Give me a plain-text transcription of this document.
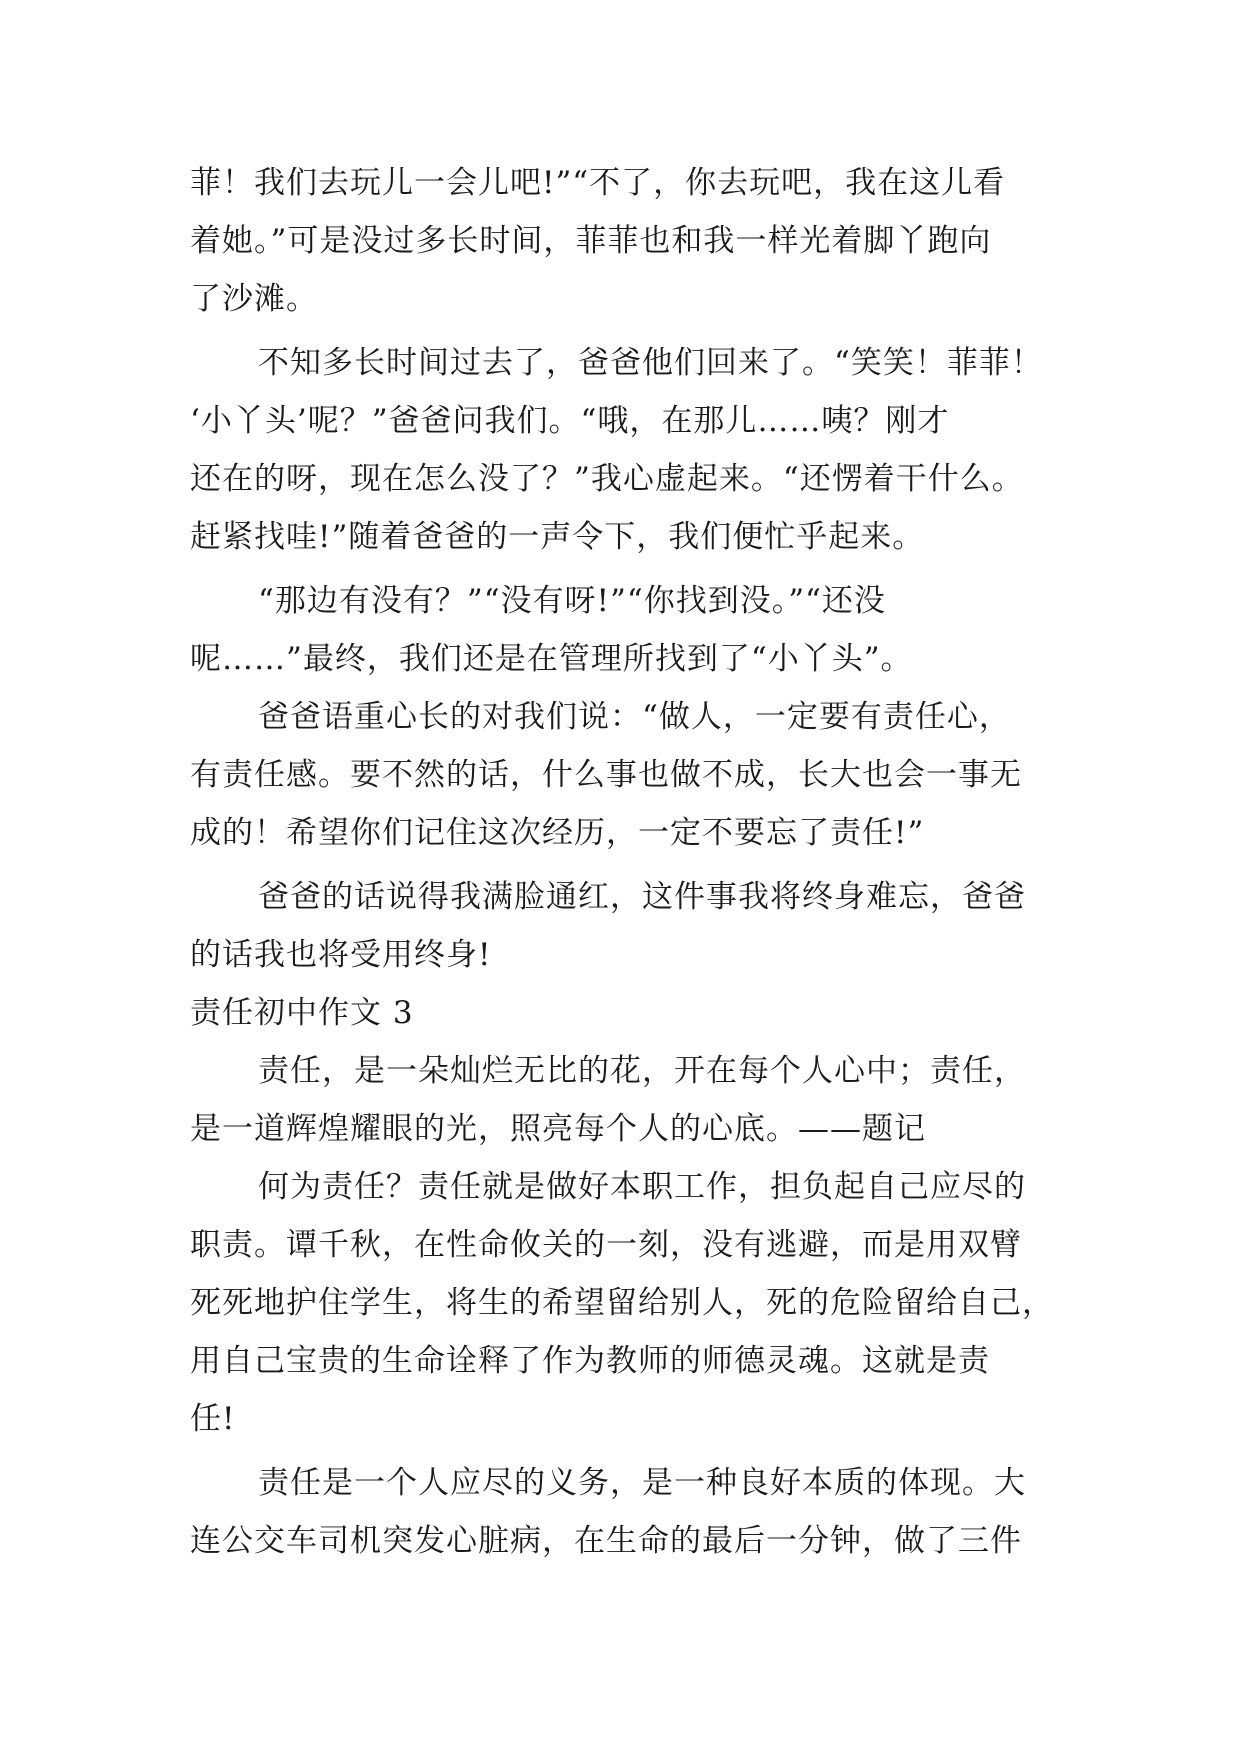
菲！我们去玩儿一会儿吧!”“不了，你去玩吧，我在这儿看
着她。”可是没过多长时间，菲菲也和我一样光着脚丫跑向
了沙滩。
不知多长时间过去了，爸爸他们回来了。“笑笑！菲菲！
‘小丫头’呢？”爸爸问我们。“哦，在那儿……咦？刚才
还在的呀，现在怎么没了？”我心虚起来。“还愣着干什么。
赶紧找哇!”随着爸爸的一声令下，我们便忙乎起来。
“那边有没有？”“没有呀!”“你找到没。”“还没
呢……”最终，我们还是在管理所找到了“小丫头”。
爸爸语重心长的对我们说：“做人，一定要有责任心，
有责任感。要不然的话，什么事也做不成，长大也会一事无
成的！希望你们记住这次经历，一定不要忘了责任!”
爸爸的话说得我满脸通红，这件事我将终身难忘，爸爸
的话我也将受用终身!
责任初中作文 3
责任，是一朵灿烂无比的花，开在每个人心中；责任，
是一道辉煌耀眼的光，照亮每个人的心底。——题记
何为责任？责任就是做好本职工作，担负起自己应尽的
职责。谭千秋，在性命攸关的一刻，没有逃避，而是用双臂
死死地护住学生，将生的希望留给别人，死的危险留给自己，
用自己宝贵的生命诠释了作为教师的师德灵魂。这就是责
任!
责任是一个人应尽的义务，是一种良好本质的体现。大
连公交车司机突发心脏病，在生命的最后一分钟，做了三件
